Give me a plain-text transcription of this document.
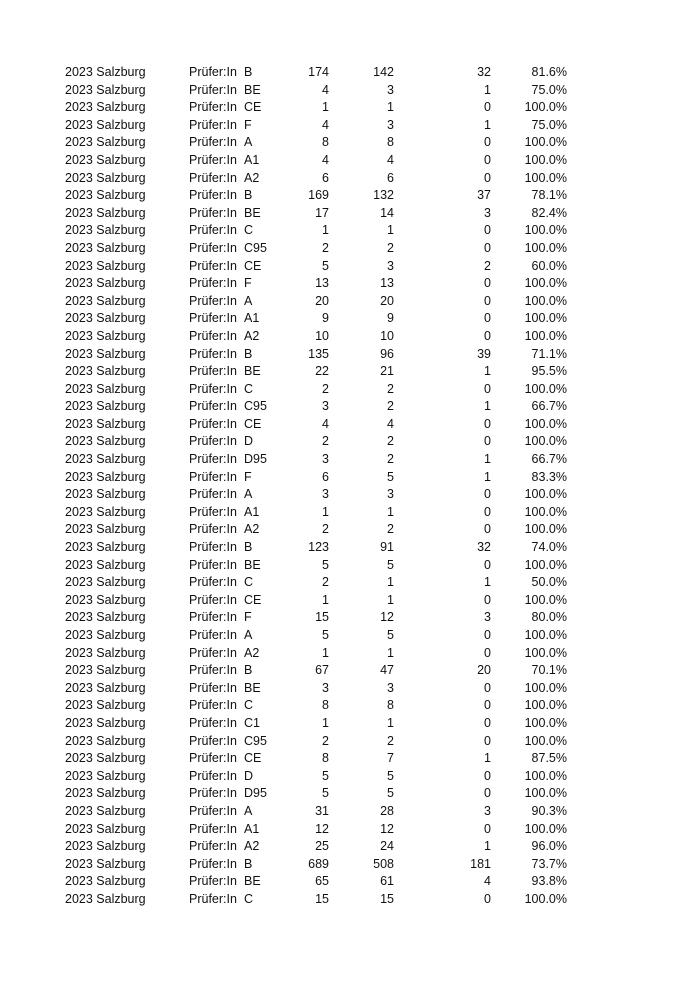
2023 Salzburg	Prüfer:In B	174	142	32	81.6%
2023 Salzburg	Prüfer:In BE	4	3	1	75.0%
2023 Salzburg	Prüfer:In CE	1	1	0	100.0%
2023 Salzburg	Prüfer:In F	4	3	1	75.0%
2023 Salzburg	Prüfer:In A	8	8	0	100.0%
2023 Salzburg	Prüfer:In A1	4	4	0	100.0%
2023 Salzburg	Prüfer:In A2	6	6	0	100.0%
2023 Salzburg	Prüfer:In B	169	132	37	78.1%
2023 Salzburg	Prüfer:In BE	17	14	3	82.4%
2023 Salzburg	Prüfer:In C	1	1	0	100.0%
2023 Salzburg	Prüfer:In C95	2	2	0	100.0%
2023 Salzburg	Prüfer:In CE	5	3	2	60.0%
2023 Salzburg	Prüfer:In F	13	13	0	100.0%
2023 Salzburg	Prüfer:In A	20	20	0	100.0%
2023 Salzburg	Prüfer:In A1	9	9	0	100.0%
2023 Salzburg	Prüfer:In A2	10	10	0	100.0%
2023 Salzburg	Prüfer:In B	135	96	39	71.1%
2023 Salzburg	Prüfer:In BE	22	21	1	95.5%
2023 Salzburg	Prüfer:In C	2	2	0	100.0%
2023 Salzburg	Prüfer:In C95	3	2	1	66.7%
2023 Salzburg	Prüfer:In CE	4	4	0	100.0%
2023 Salzburg	Prüfer:In D	2	2	0	100.0%
2023 Salzburg	Prüfer:In D95	3	2	1	66.7%
2023 Salzburg	Prüfer:In F	6	5	1	83.3%
2023 Salzburg	Prüfer:In A	3	3	0	100.0%
2023 Salzburg	Prüfer:In A1	1	1	0	100.0%
2023 Salzburg	Prüfer:In A2	2	2	0	100.0%
2023 Salzburg	Prüfer:In B	123	91	32	74.0%
2023 Salzburg	Prüfer:In BE	5	5	0	100.0%
2023 Salzburg	Prüfer:In C	2	1	1	50.0%
2023 Salzburg	Prüfer:In CE	1	1	0	100.0%
2023 Salzburg	Prüfer:In F	15	12	3	80.0%
2023 Salzburg	Prüfer:In A	5	5	0	100.0%
2023 Salzburg	Prüfer:In A2	1	1	0	100.0%
2023 Salzburg	Prüfer:In B	67	47	20	70.1%
2023 Salzburg	Prüfer:In BE	3	3	0	100.0%
2023 Salzburg	Prüfer:In C	8	8	0	100.0%
2023 Salzburg	Prüfer:In C1	1	1	0	100.0%
2023 Salzburg	Prüfer:In C95	2	2	0	100.0%
2023 Salzburg	Prüfer:In CE	8	7	1	87.5%
2023 Salzburg	Prüfer:In D	5	5	0	100.0%
2023 Salzburg	Prüfer:In D95	5	5	0	100.0%
2023 Salzburg	Prüfer:In A	31	28	3	90.3%
2023 Salzburg	Prüfer:In A1	12	12	0	100.0%
2023 Salzburg	Prüfer:In A2	25	24	1	96.0%
2023 Salzburg	Prüfer:In B	689	508	181	73.7%
2023 Salzburg	Prüfer:In BE	65	61	4	93.8%
2023 Salzburg	Prüfer:In C	15	15	0	100.0%
